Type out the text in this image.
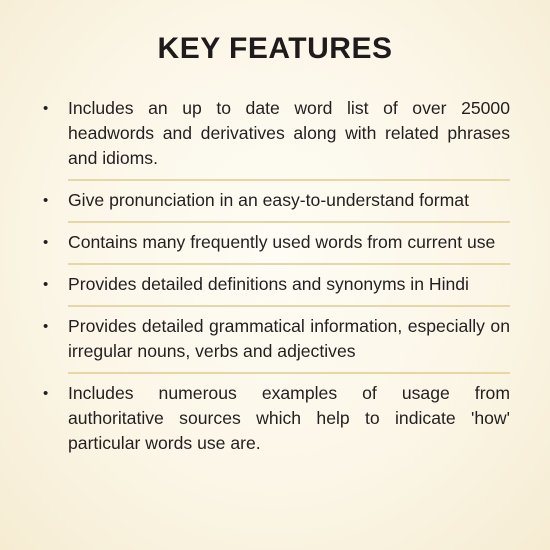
KEY FEATURES
• Includes an up to date word list of over 25000 headwords and derivatives along with related phrases and idioms.
• Give pronunciation in an easy-to-understand format
• Contains many frequently used words from current use
• Provides detailed definitions and synonyms in Hindi
• Provides detailed grammatical information, especially on irregular nouns, verbs and adjectives
• Includes numerous examples of usage from authoritative sources which help to indicate 'how' particular words use are.
